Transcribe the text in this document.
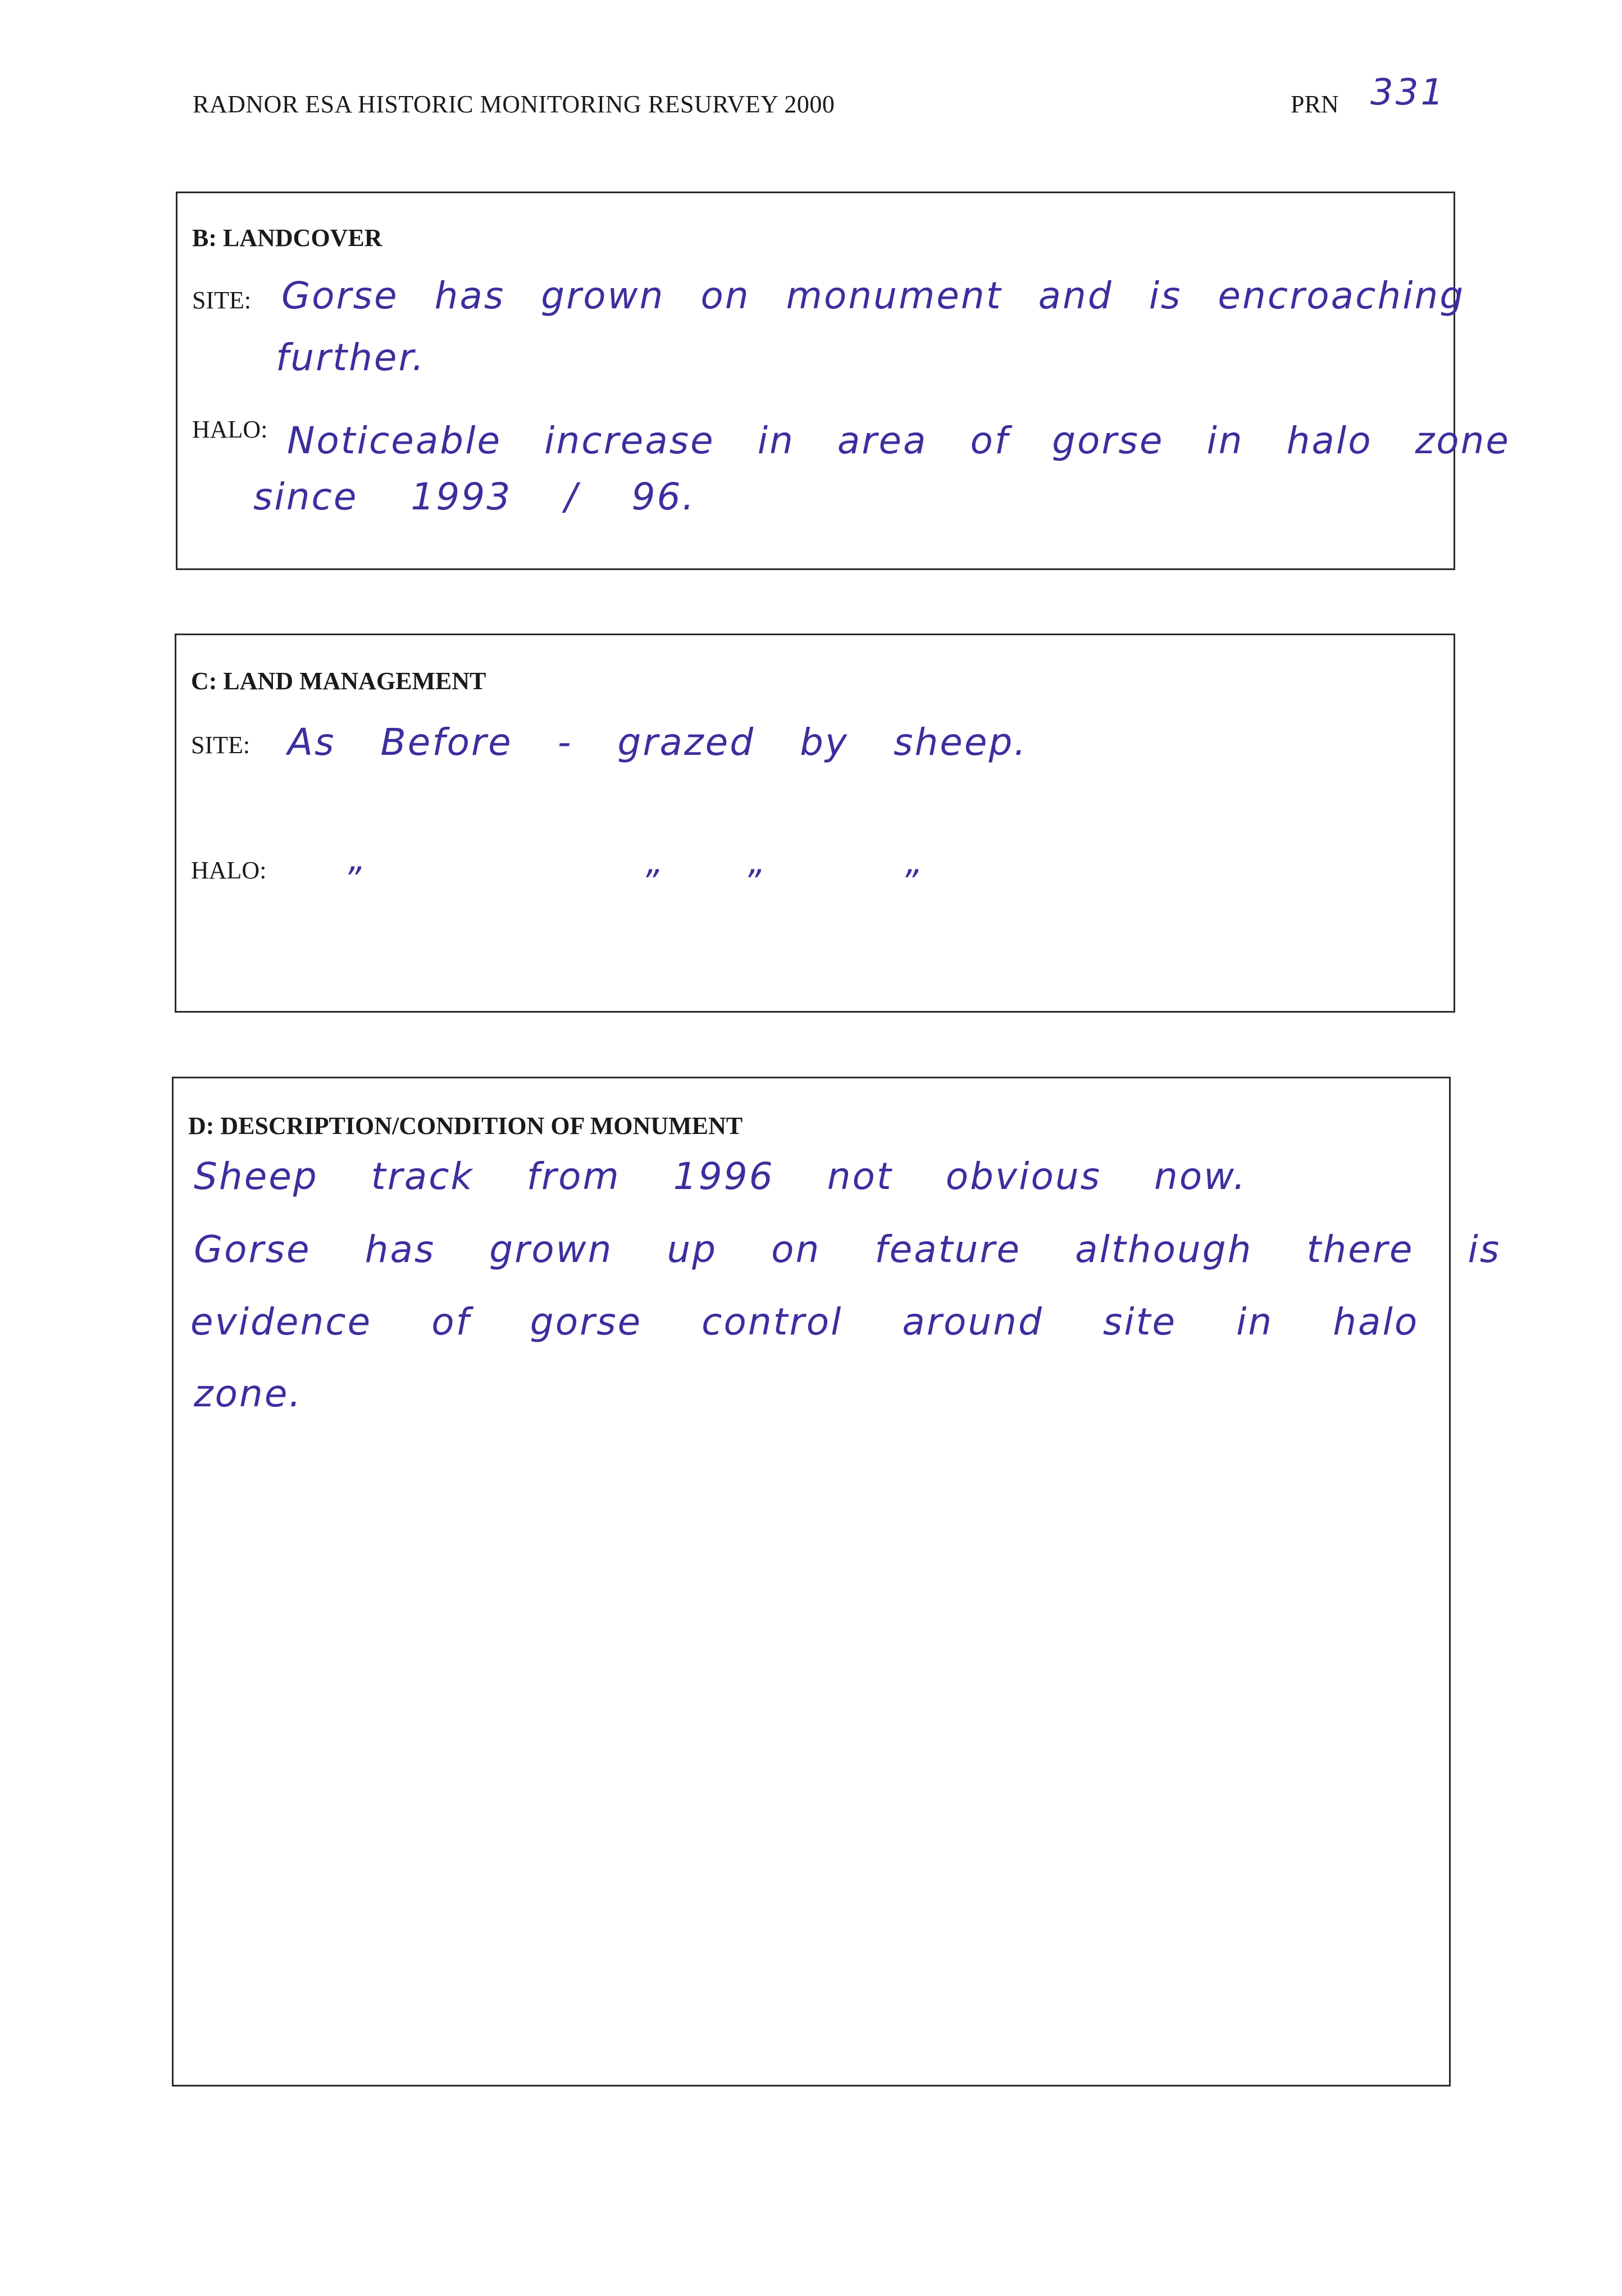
RADNOR ESA HISTORIC MONITORING RESURVEY 2000	PRN 331
B: LANDCOVER
SITE: Gorse has grown on monument and is encroaching
further.
HALO: Noticeable increase in area of gorse in halo zone
since 1993 / 96.
C: LAND MANAGEMENT
SITE: As Before - grazed by sheep.
HALO: ”	”	”	”
D: DESCRIPTION/CONDITION OF MONUMENT
Sheep track from 1996 not obvious now.
Gorse has grown up on feature although there is
evidence of gorse control around site in halo
zone.
